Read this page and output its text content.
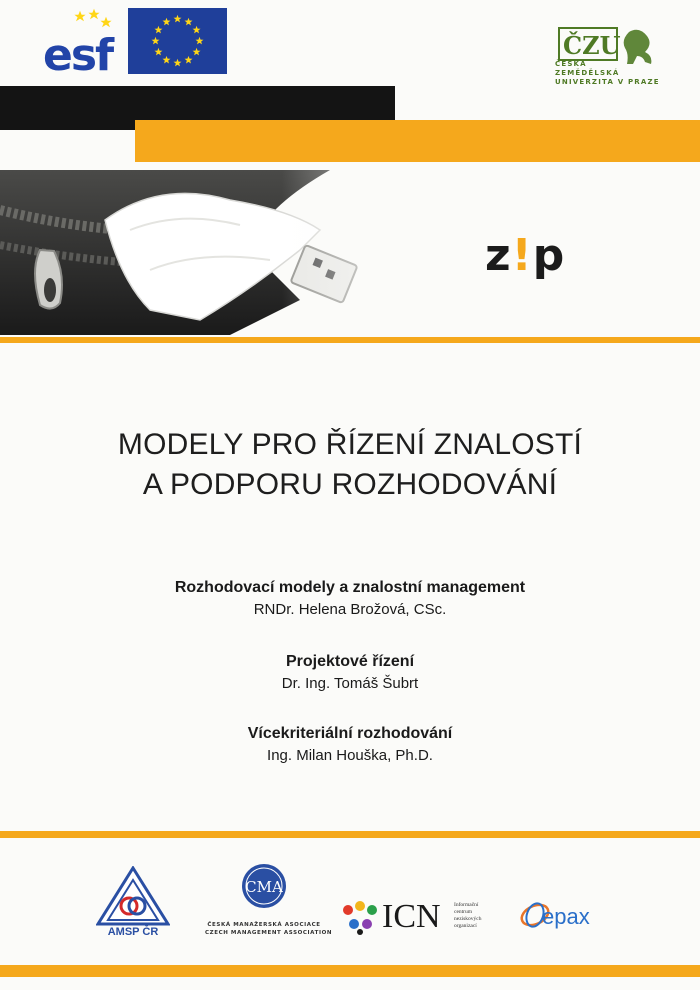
esf	ČZU
ČESKÁ
ZEMĚDĚLSKÁ
UNIVERZITA V PRAZE
z!p
MODELY PRO ŘÍZENÍ ZNALOSTÍ
A PODPORU ROZHODOVÁNÍ
Rozhodovací modely a znalostní management
RNDr. Helena Brožová, CSc.
Projektové řízení
Dr. Ing. Tomáš Šubrt
Vícekriteriální rozhodování
Ing. Milan Houška, Ph.D.
AMSP ČR
CMA
ČESKÁ MANAŽERSKÁ ASOCIACE
CZECH MANAGEMENT ASSOCIATION ICN Informační
centrum
neziskových
organizací	epax
